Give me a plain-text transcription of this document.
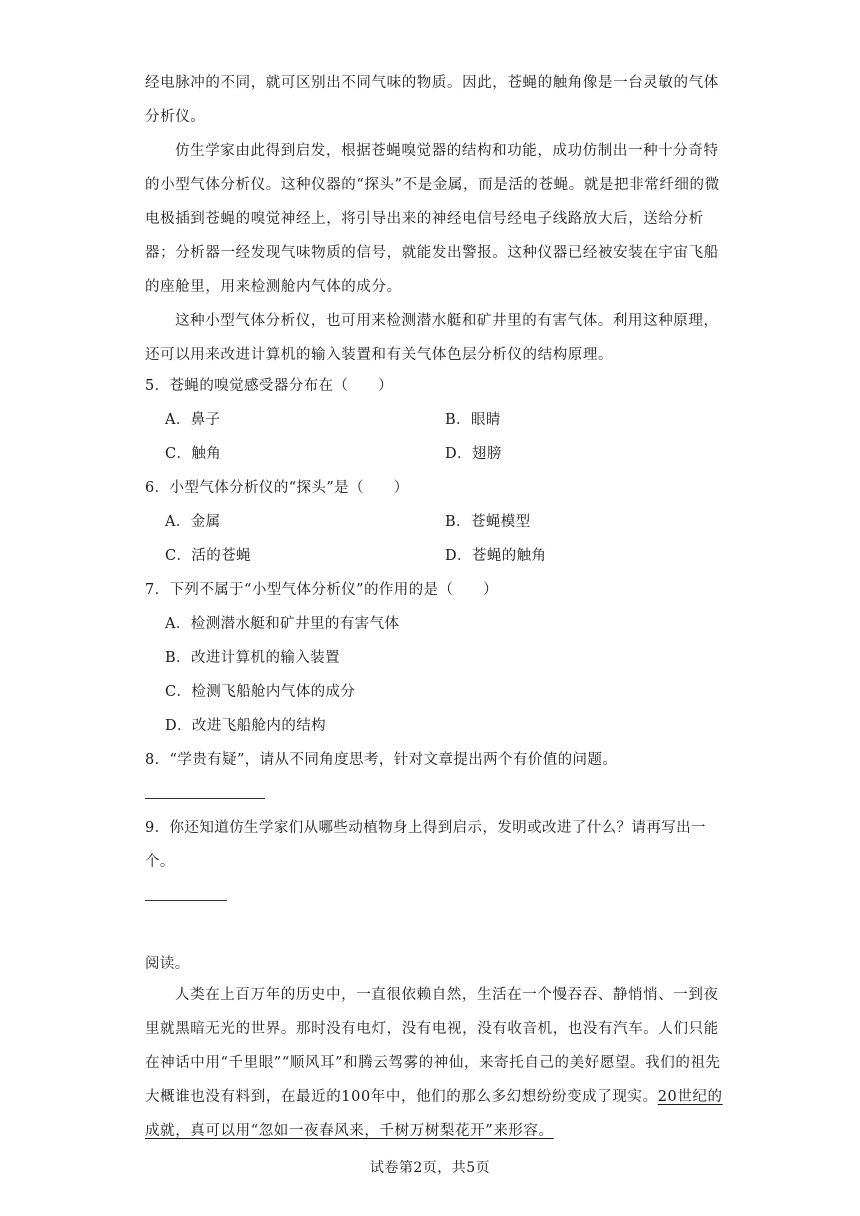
经电脉冲的不同，就可区别出不同气味的物质。因此，苍蝇的触角像是一台灵敏的气体分析仪。

仿生学家由此得到启发，根据苍蝇嗅觉器的结构和功能，成功仿制出一种十分奇特的小型气体分析仪。这种仪器的“探头”不是金属，而是活的苍蝇。就是把非常纤细的微电极插到苍蝇的嗅觉神经上，将引导出来的神经电信号经电子线路放大后，送给分析器；分析器一经发现气味物质的信号，就能发出警报。这种仪器已经被安装在宇宙飞船的座舱里，用来检测舱内气体的成分。

这种小型气体分析仪，也可用来检测潜水艇和矿井里的有害气体。利用这种原理，还可以用来改进计算机的输入装置和有关气体色层分析仪的结构原理。

5．苍蝇的嗅觉感受器分布在（　　）
A．鼻子	B．眼睛
C．触角	D．翅膀
6．小型气体分析仪的“探头”是（　　）
A．金属	B．苍蝇模型
C．活的苍蝇	D．苍蝇的触角
7．下列不属于“小型气体分析仪”的作用的是（　　）
A．检测潜水艇和矿井里的有害气体
B．改进计算机的输入装置
C．检测飞船舱内气体的成分
D．改进飞船舱内的结构
8．“学贵有疑”，请从不同角度思考，针对文章提出两个有价值的问题。
9．你还知道仿生学家们从哪些动植物身上得到启示，发明或改进了什么？请再写出一
个。
阅读。

人类在上百万年的历史中，一直很依赖自然，生活在一个慢吞吞、静悄悄、一到夜里就黑暗无光的世界。那时没有电灯，没有电视，没有收音机，也没有汽车。人们只能在神话中用“千里眼”“顺风耳”和腾云驾雾的神仙，来寄托自己的美好愿望。我们的祖先大概谁也没有料到，在最近的100年中，他们的那么多幻想纷纷变成了现实。20世纪的成就，真可以用“忽如一夜春风来，千树万树梨花开”来形容。

试卷第2页，共5页
